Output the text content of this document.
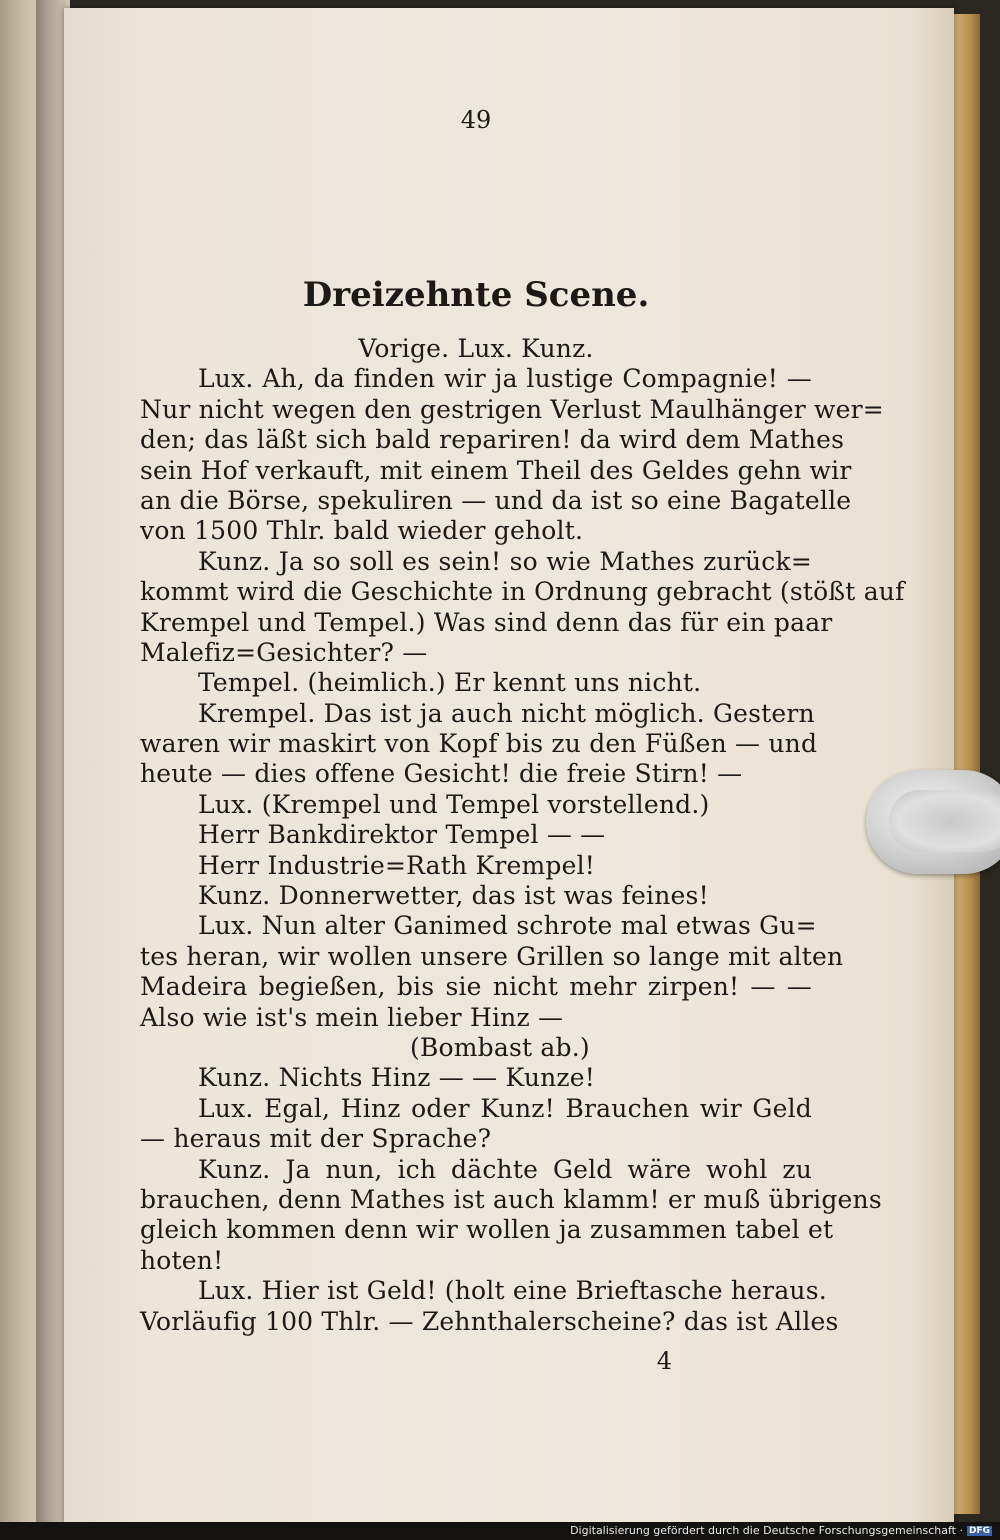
49
Dreizehnte Scene.
Vorige. Lux. Kunz.
Lux. Ah, da finden wir ja lustige Compagnie! —
Nur nicht wegen den gestrigen Verlust Maulhänger wer=
den; das läßt sich bald repariren! da wird dem Mathes
sein Hof verkauft, mit einem Theil des Geldes gehn wir
an die Börse, spekuliren — und da ist so eine Bagatelle
von 1500 Thlr. bald wieder geholt.
Kunz. Ja so soll es sein! so wie Mathes zurück=
kommt wird die Geschichte in Ordnung gebracht (stößt auf
Krempel und Tempel.) Was sind denn das für ein paar
Malefiz=Gesichter? —
Tempel. (heimlich.) Er kennt uns nicht.
Krempel. Das ist ja auch nicht möglich. Gestern
waren wir maskirt von Kopf bis zu den Füßen — und
heute — dies offene Gesicht! die freie Stirn! —
Lux. (Krempel und Tempel vorstellend.)
Herr Bankdirektor Tempel — —
Herr Industrie=Rath Krempel!
Kunz. Donnerwetter, das ist was feines!
Lux. Nun alter Ganimed schrote mal etwas Gu=
tes heran, wir wollen unsere Grillen so lange mit alten
Madeira begießen, bis sie nicht mehr zirpen! — —
Also wie ist's mein lieber Hinz —
(Bombast ab.)
Kunz. Nichts Hinz — — Kunze!
Lux. Egal, Hinz oder Kunz! Brauchen wir Geld
— heraus mit der Sprache?
Kunz. Ja nun, ich dächte Geld wäre wohl zu
brauchen, denn Mathes ist auch klamm! er muß übrigens
gleich kommen denn wir wollen ja zusammen tabel et
hoten!
Lux. Hier ist Geld! (holt eine Brieftasche heraus.
Vorläufig 100 Thlr. — Zehnthalerscheine? das ist Alles
4
Digitalisierung gefördert durch die Deutsche Forschungsgemeinschaft · DFG
